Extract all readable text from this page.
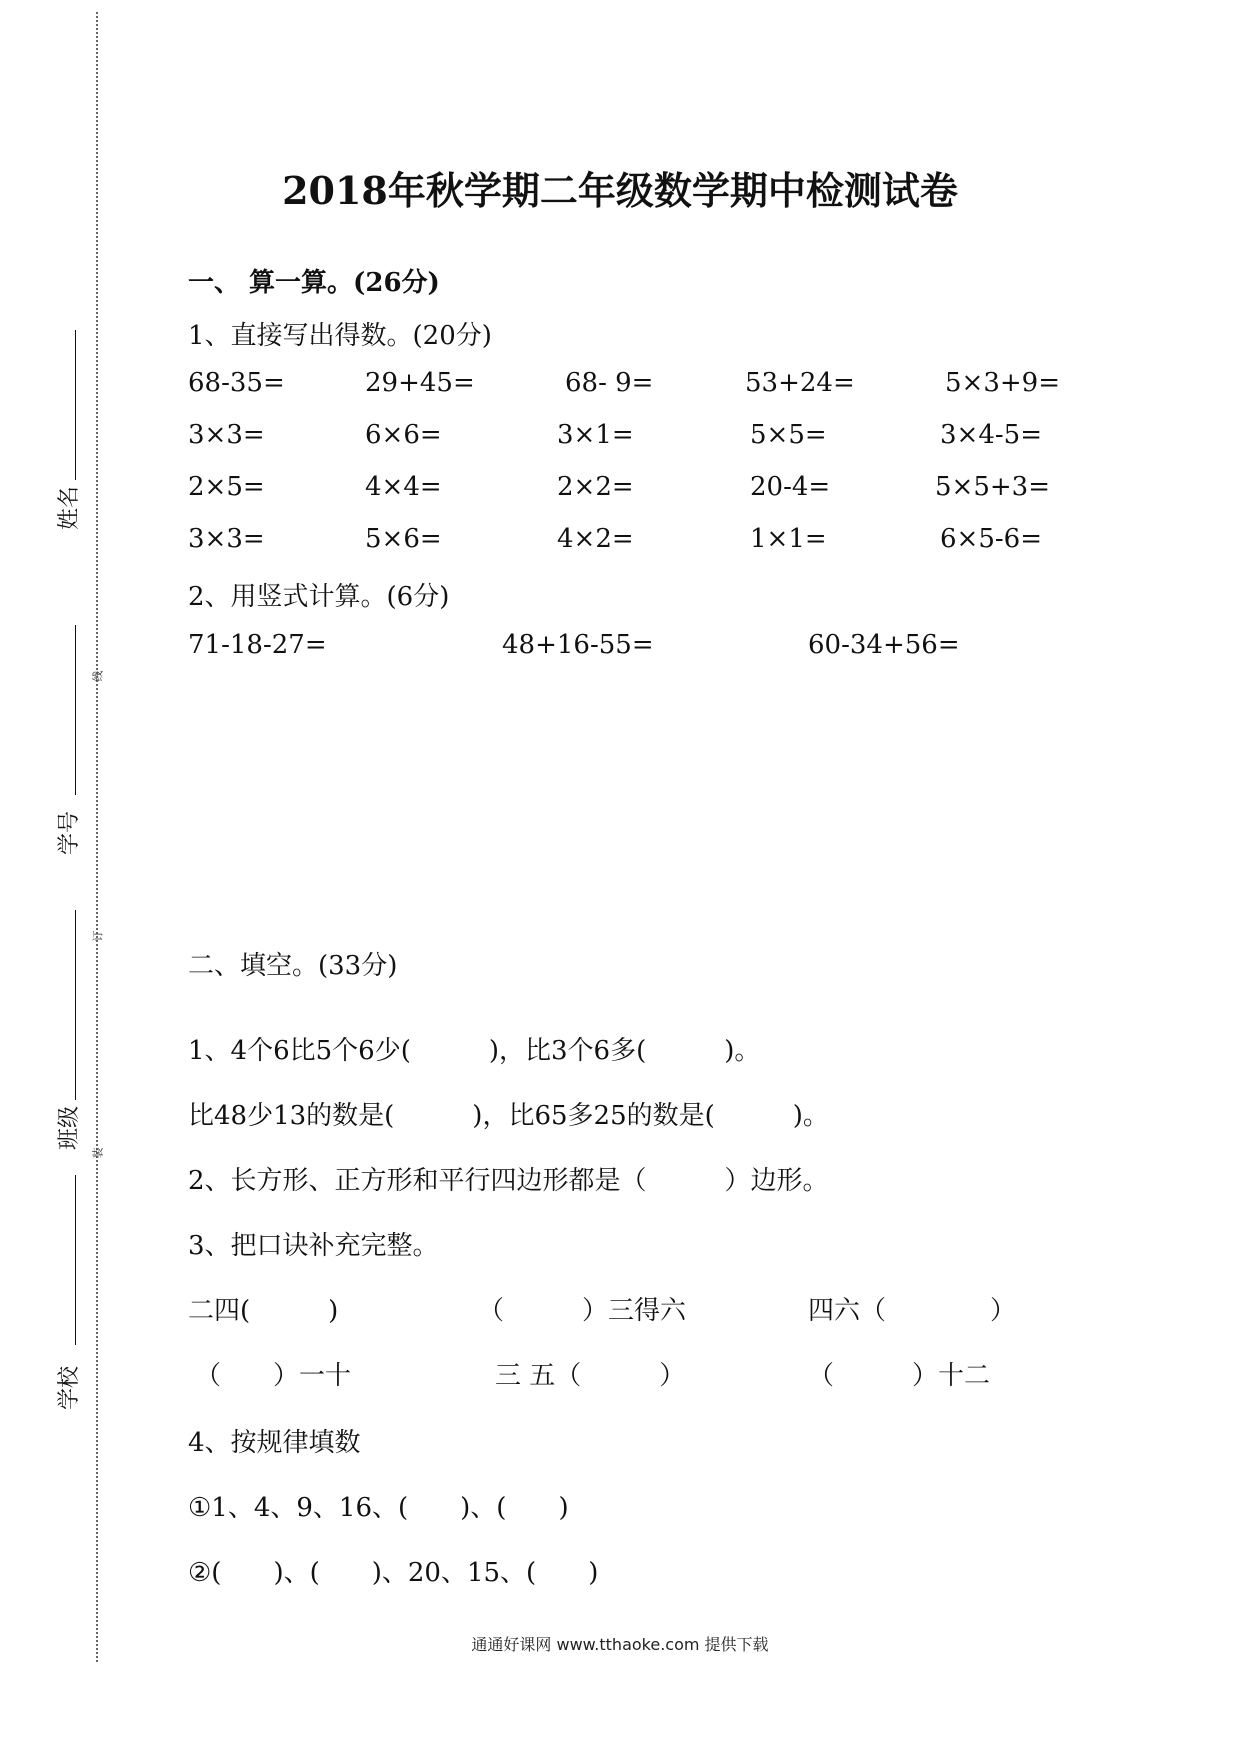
线
订
装
姓名
学号
班级
学校
2018年秋学期二年级数学期中检测试卷
一、 算一算。(26分)
1、直接写出得数。(20分)
68-35=	29+45=	68- 9=	53+24=	5×3+9=
3×3=	6×6=	3×1=	5×5=	3×4-5=
2×5=	4×4=	2×2=	20-4=	5×5+3=
3×3=	5×6=	4×2=	1×1=	6×5-6=
2、用竖式计算。(6分)
71-18-27=	48+16-55=	60-34+56=
二、填空。(33分)
1、4个6比5个6少(　　　)，比3个6多(　　　)。
比48少13的数是(　　　)，比65多25的数是(　　　)。
2、长方形、正方形和平行四边形都是（　　　）边形。
3、把口诀补充完整。
二四(　　　)	（　　　）三得六	四六（　　　　）
（　　）一十	三 五（　　　）	（　　　）十二
4、按规律填数
①1、4、9、16、(　　)、(　　)
②(　　)、(　　)、20、15、(　　)
通通好课网 www.tthaoke.com 提供下载
